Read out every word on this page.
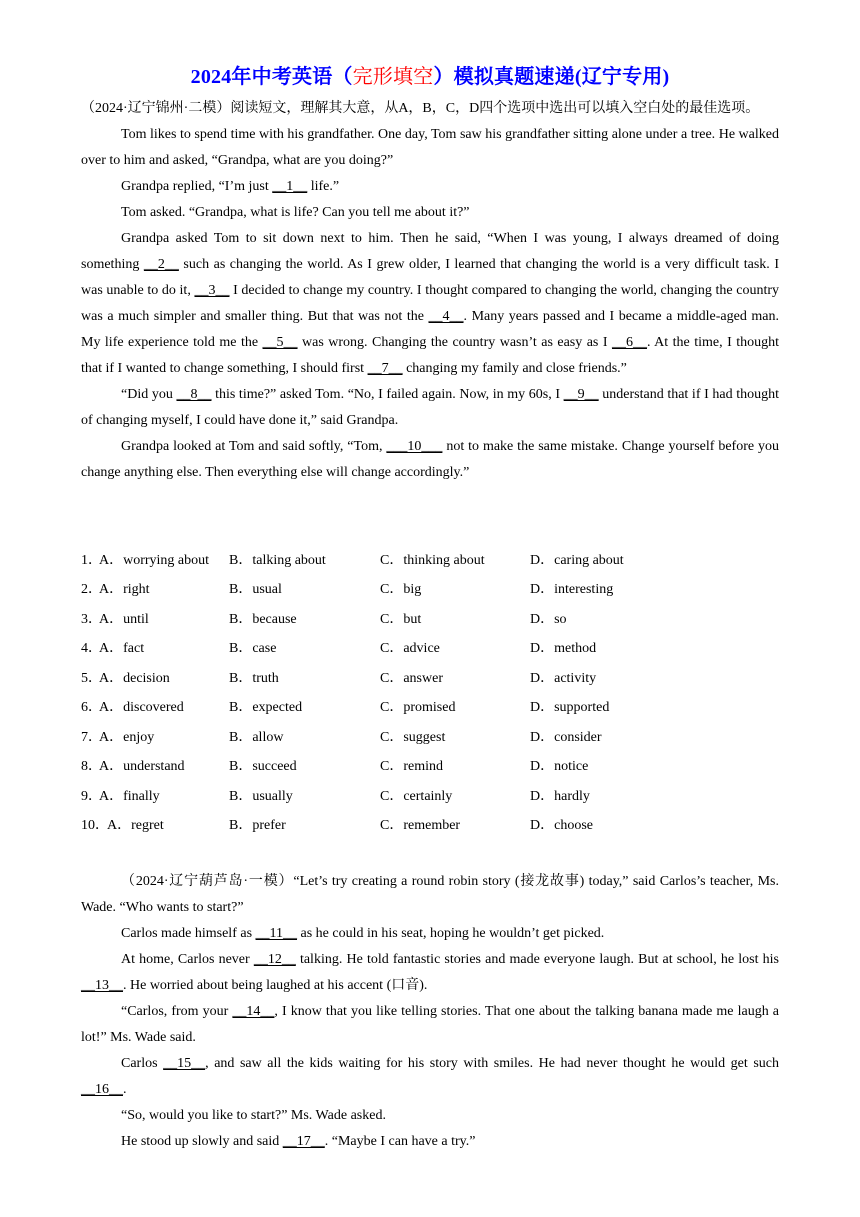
2024年中考英语（完形填空）模拟真题速递(辽宁专用)

（2024·辽宁锦州·二模）阅读短文，理解其大意，从A，B，C，D四个选项中选出可以填入空白处的最佳选项。

Tom likes to spend time with his grandfather. One day, Tom saw his grandfather sitting alone under a tree. He walked over to him and asked, “Grandpa, what are you doing?”

Grandpa replied, “I’m just __1__ life.”

Tom asked. “Grandpa, what is life? Can you tell me about it?”

Grandpa asked Tom to sit down next to him. Then he said, “When I was young, I always dreamed of doing something __2__ such as changing the world. As I grew older, I learned that changing the world is a very difficult task. I was unable to do it, __3__ I decided to change my country. I thought compared to changing the world, changing the country was a much simpler and smaller thing. But that was not the __4__. Many years passed and I became a middle-aged man. My life experience told me the __5__ was wrong. Changing the country wasn’t as easy as I __6__. At the time, I thought that if I wanted to change something, I should first __7__ changing my family and close friends.”

“Did you __8__ this time?” asked Tom. “No, I failed again. Now, in my 60s, I __9__ understand that if I had thought of changing myself, I could have done it,” said Grandpa.

Grandpa looked at Tom and said softly, “Tom, ___10___ not to make the same mistake. Change yourself before you change anything else. Then everything else will change accordingly.”

1．
A．worrying about B．talking about	C．thinking about	D．caring about
2．
A．right	B．usual	C．big	D．interesting
3．
A．until	B．because	C．but	D．so
4．
A．fact	B．case	C．advice	D．method
5．
A．decision	B．truth	C．answer	D．activity
6．
A．discovered	B．expected	C．promised	D．supported
7．
A．enjoy	B．allow	C．suggest	D．consider
8．
A．understand	B．succeed	C．remind	D．notice
9．
A．finally	B．usually	C．certainly	D．hardly
10．
A．regret	B．prefer	C．remember	D．choose

（2024·辽宁葫芦岛·一模）“Let’s try creating a round robin story (接龙故事) today,” said Carlos’s teacher, Ms. Wade. “Who wants to start?”

Carlos made himself as __11__ as he could in his seat, hoping he wouldn’t get picked.

At home, Carlos never __12__ talking. He told fantastic stories and made everyone laugh. But at school, he lost his __13__. He worried about being laughed at his accent (口音).

“Carlos, from your __14__, I know that you like telling stories. That one about the talking banana made me laugh a lot!” Ms. Wade said.

Carlos __15__, and saw all the kids waiting for his story with smiles. He had never thought he would get such __16__.

“So, would you like to start?” Ms. Wade asked.

He stood up slowly and said __17__. “Maybe I can have a try.”
